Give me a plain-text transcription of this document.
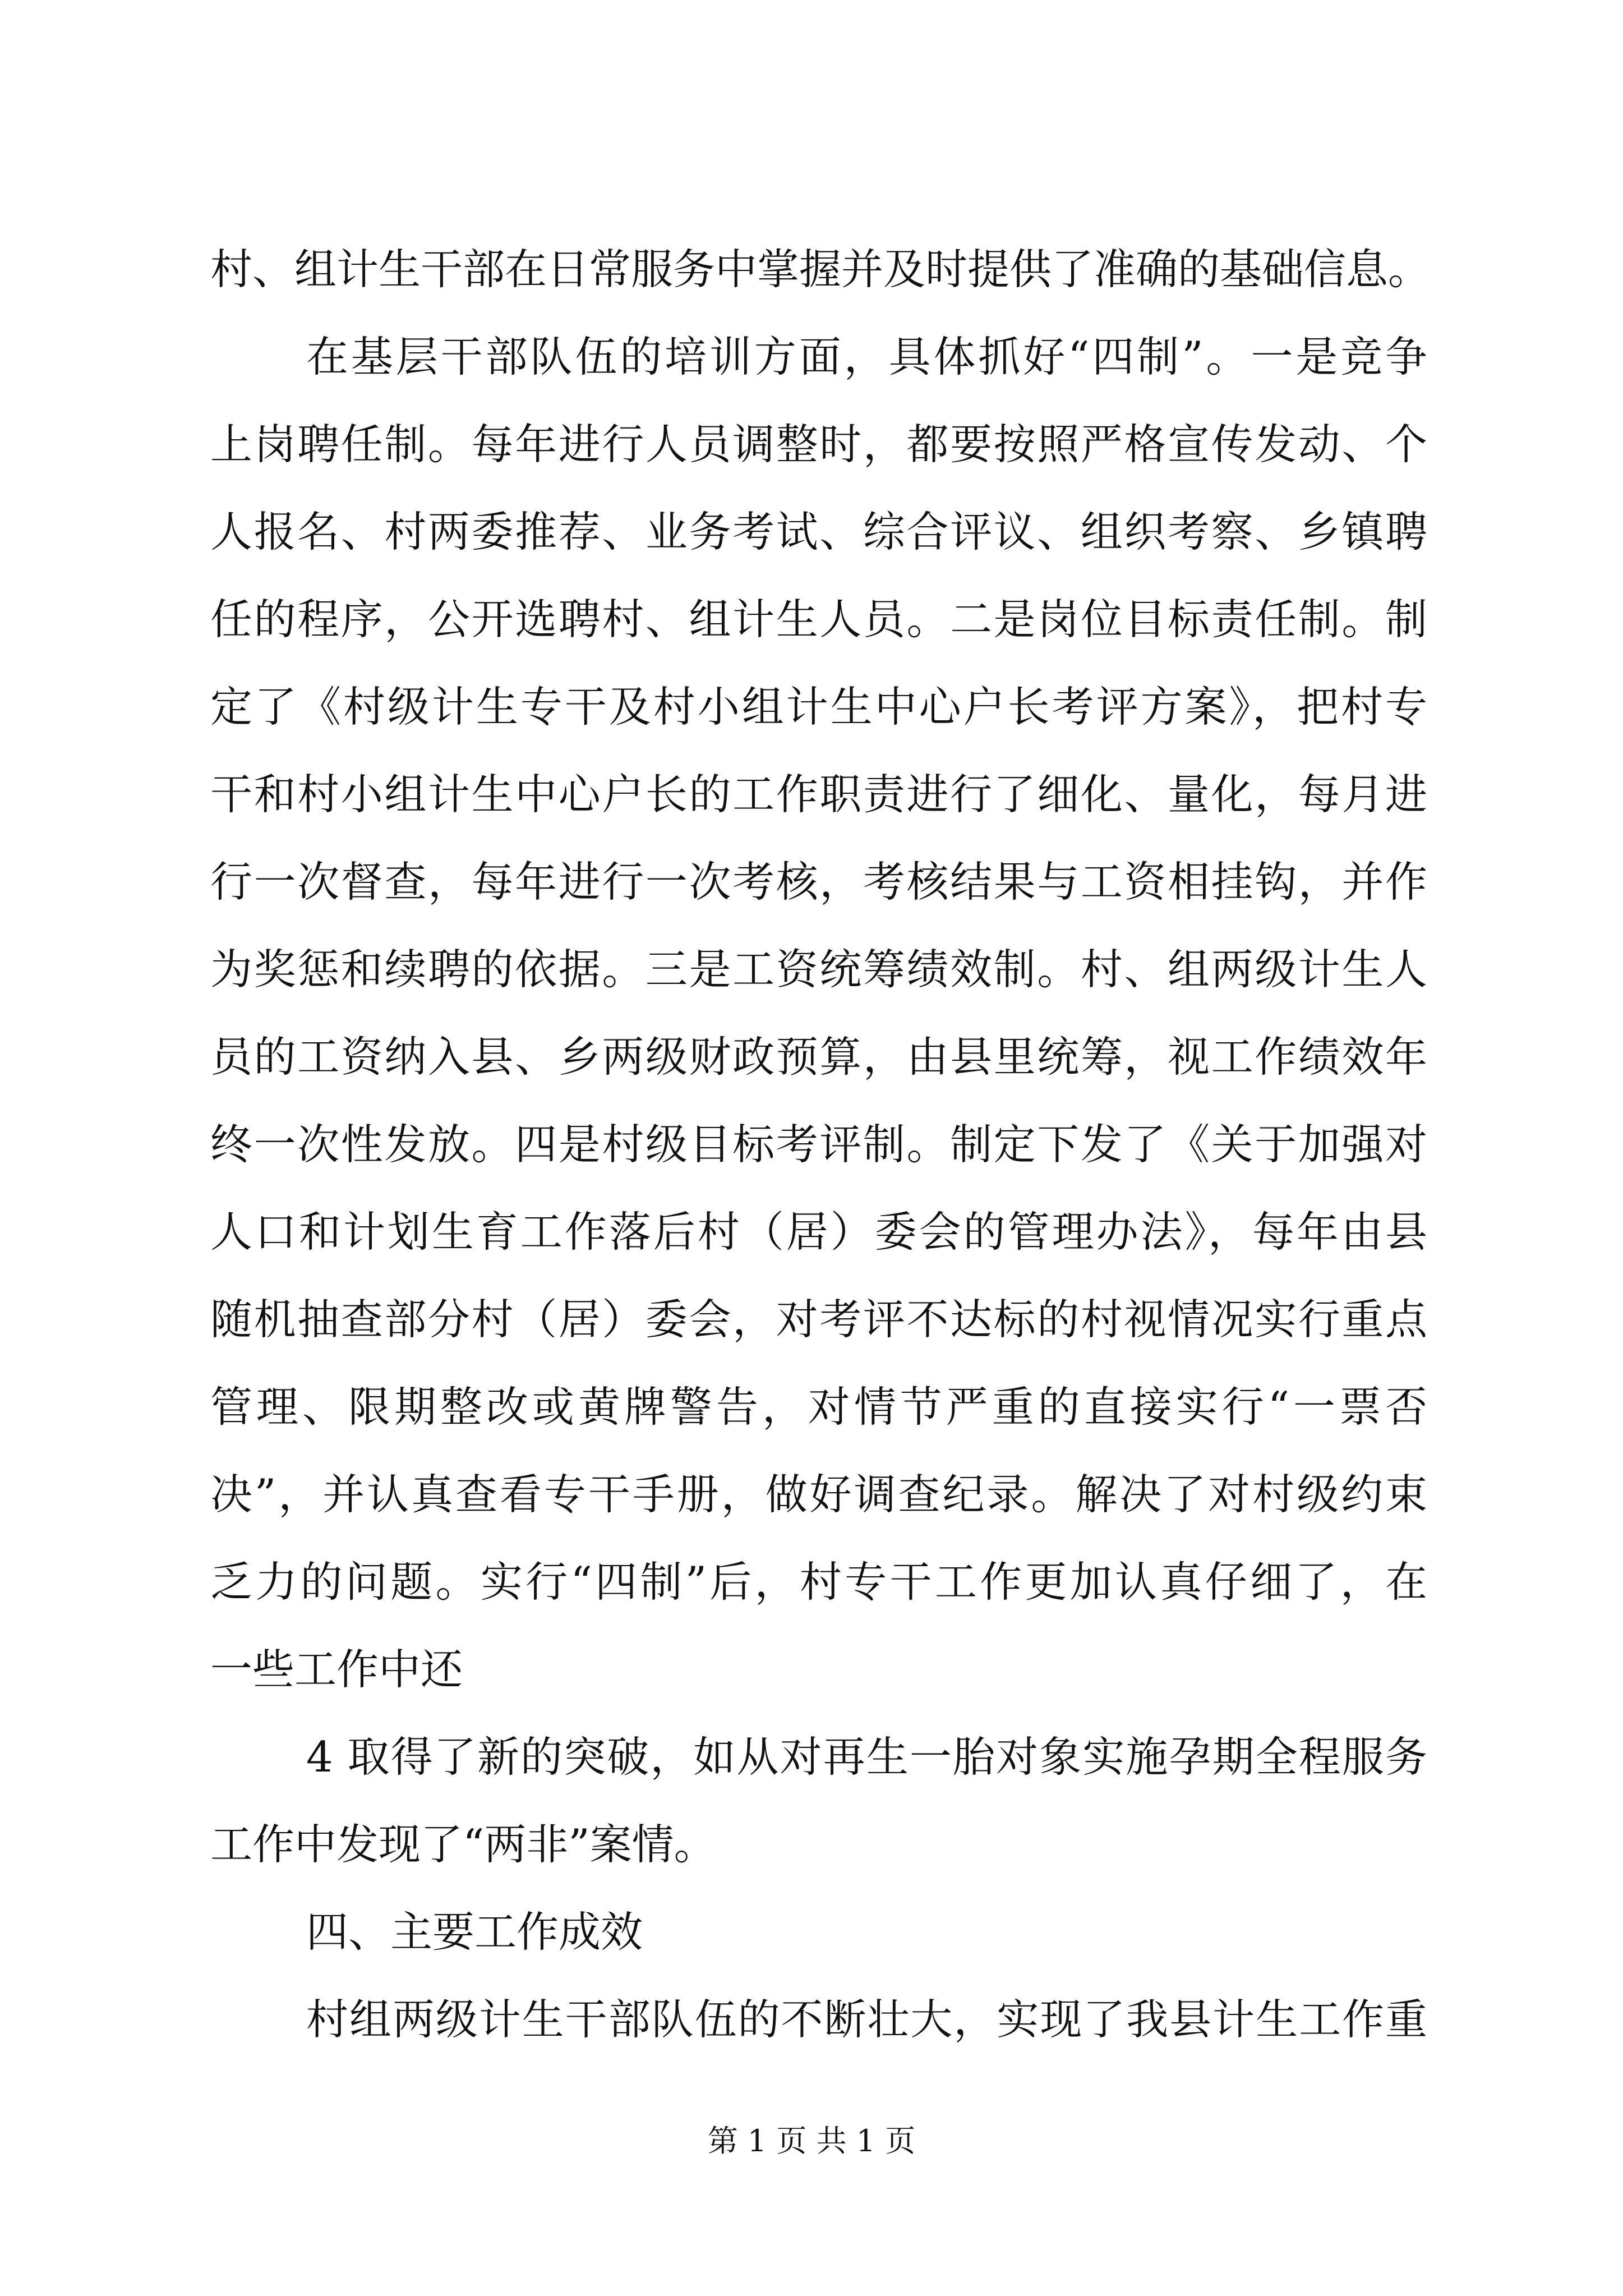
村、组计生干部在日常服务中掌握并及时提供了准确的基础信息。
在基层干部队伍的培训方面，具体抓好“四制”。一是竞争
上岗聘任制。每年进行人员调整时，都要按照严格宣传发动、个
人报名、村两委推荐、业务考试、综合评议、组织考察、乡镇聘
任的程序，公开选聘村、组计生人员。二是岗位目标责任制。制
定了《村级计生专干及村小组计生中心户长考评方案》，把村专
干和村小组计生中心户长的工作职责进行了细化、量化，每月进
行一次督查，每年进行一次考核，考核结果与工资相挂钩，并作
为奖惩和续聘的依据。三是工资统筹绩效制。村、组两级计生人
员的工资纳入县、乡两级财政预算，由县里统筹，视工作绩效年
终一次性发放。四是村级目标考评制。制定下发了《关于加强对
人口和计划生育工作落后村（居）委会的管理办法》，每年由县
随机抽查部分村（居）委会，对考评不达标的村视情况实行重点
管理、限期整改或黄牌警告，对情节严重的直接实行“一票否
决”，并认真查看专干手册，做好调查纪录。解决了对村级约束
乏力的问题。实行“四制”后，村专干工作更加认真仔细了，在
一些工作中还
4 取得了新的突破，如从对再生一胎对象实施孕期全程服务
工作中发现了“两非”案情。
四、主要工作成效
村组两级计生干部队伍的不断壮大，实现了我县计生工作重
第 1 页 共 1 页
